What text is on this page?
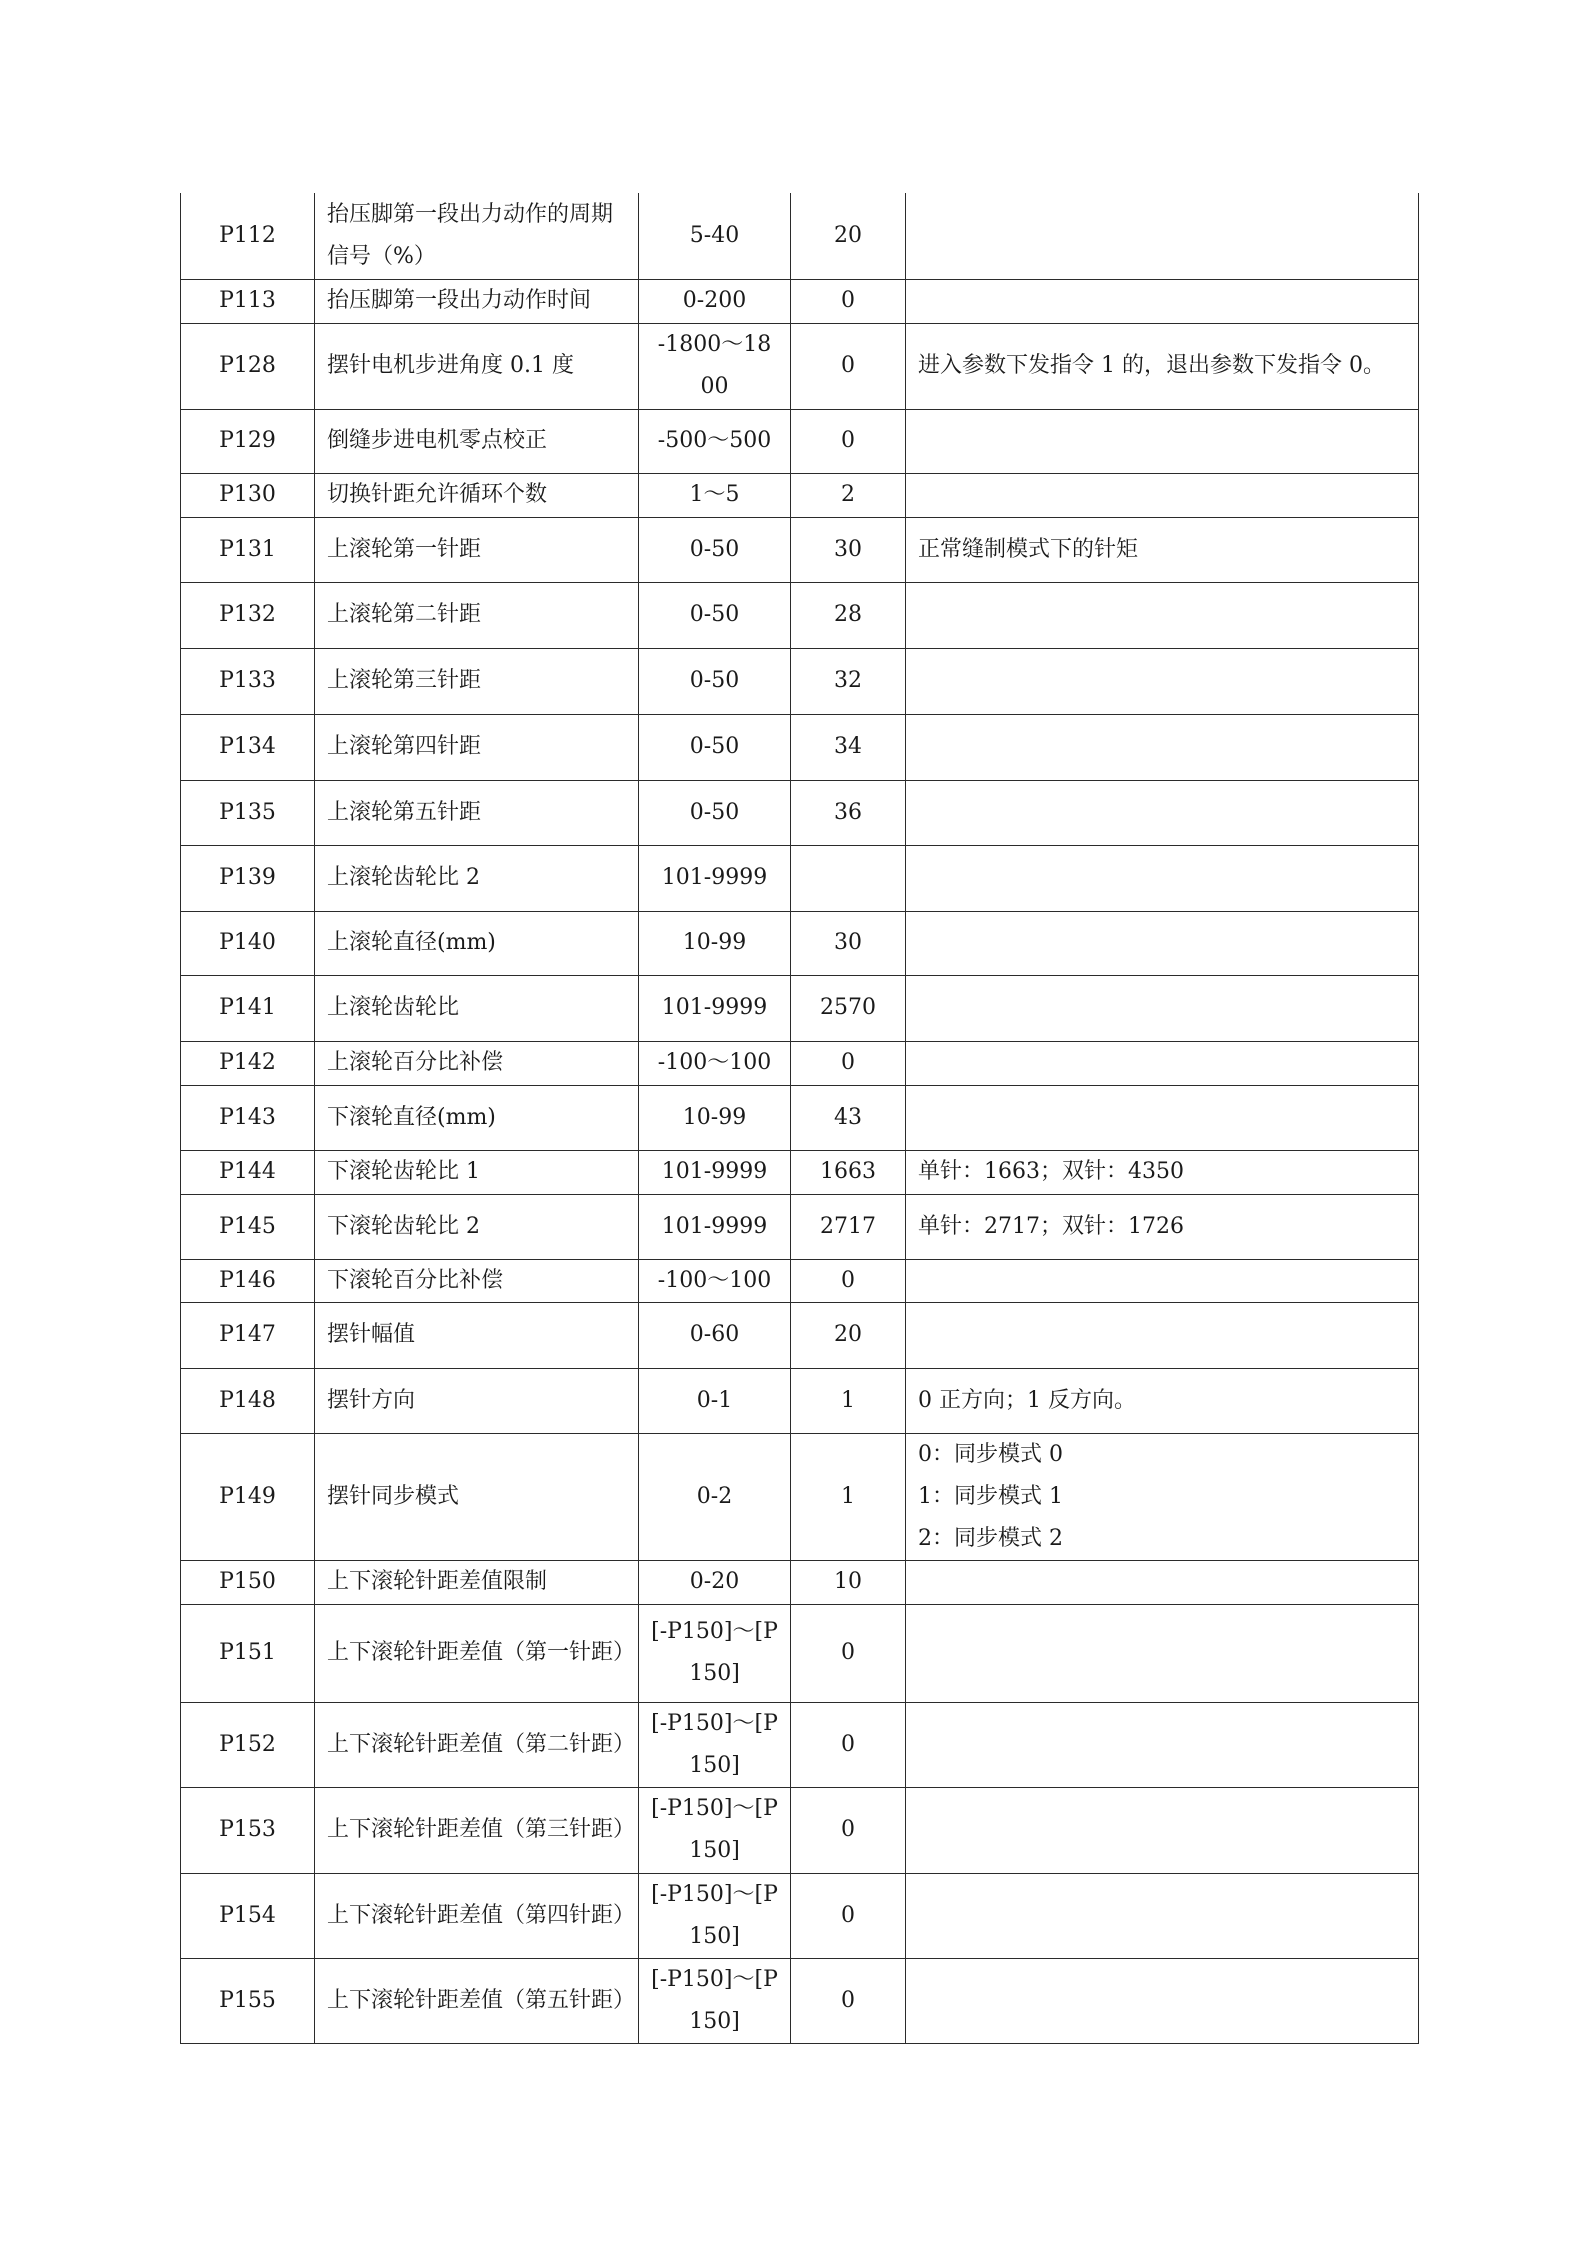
P112	抬压脚第一段出力动作的周期信号（%）	5-40	20	
P113	抬压脚第一段出力动作时间	0-200	0	
P128	摆针电机步进角度 0.1 度	-1800～1800	0	进入参数下发指令 1 的，退出参数下发指令 0。
P129	倒缝步进电机零点校正	-500～500	0	
P130	切换针距允许循环个数	1～5	2	
P131	上滚轮第一针距	0-50	30	正常缝制模式下的针矩
P132	上滚轮第二针距	0-50	28	
P133	上滚轮第三针距	0-50	32	
P134	上滚轮第四针距	0-50	34	
P135	上滚轮第五针距	0-50	36	
P139	上滚轮齿轮比 2	101-9999		
P140	上滚轮直径(mm)	10-99	30	
P141	上滚轮齿轮比	101-9999	2570	
P142	上滚轮百分比补偿	-100～100	0	
P143	下滚轮直径(mm)	10-99	43	
P144	下滚轮齿轮比 1	101-9999	1663	单针：1663；双针：4350
P145	下滚轮齿轮比 2	101-9999	2717	单针：2717；双针：1726
P146	下滚轮百分比补偿	-100～100	0	
P147	摆针幅值	0-60	20	
P148	摆针方向	0-1	1	0 正方向；1 反方向。
P149	摆针同步模式	0-2	1	0：同步模式 0
1：同步模式 1
2：同步模式 2

P150	上下滚轮针距差值限制	0-20	10	
P151	上下滚轮针距差值（第一针距）	[-P150]～[P150]	0	
P152	上下滚轮针距差值（第二针距）	[-P150]～[P150]	0	
P153	上下滚轮针距差值（第三针距）	[-P150]～[P150]	0	
P154	上下滚轮针距差值（第四针距）	[-P150]～[P150]	0	
P155	上下滚轮针距差值（第五针距）	[-P150]～[P150]	0	
